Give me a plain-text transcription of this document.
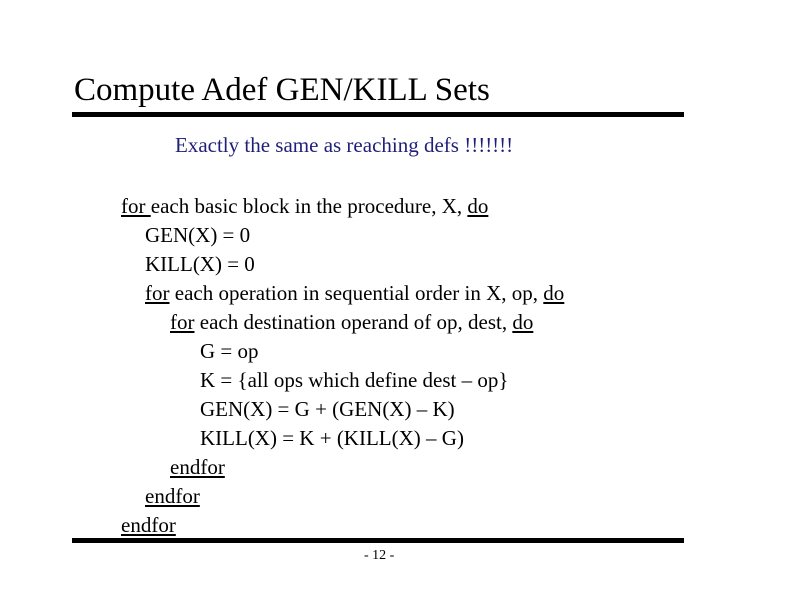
Compute Adef GEN/KILL Sets
Exactly the same as reaching defs !!!!!!!
for each basic block in the procedure, X, do
GEN(X) = 0
KILL(X) = 0
for each operation in sequential order in X, op, do
for each destination operand of op, dest, do
G = op
K = {all ops which define dest – op}
GEN(X) = G + (GEN(X) – K)
KILL(X) = K + (KILL(X) – G)
endfor
endfor
endfor
- 12 -
